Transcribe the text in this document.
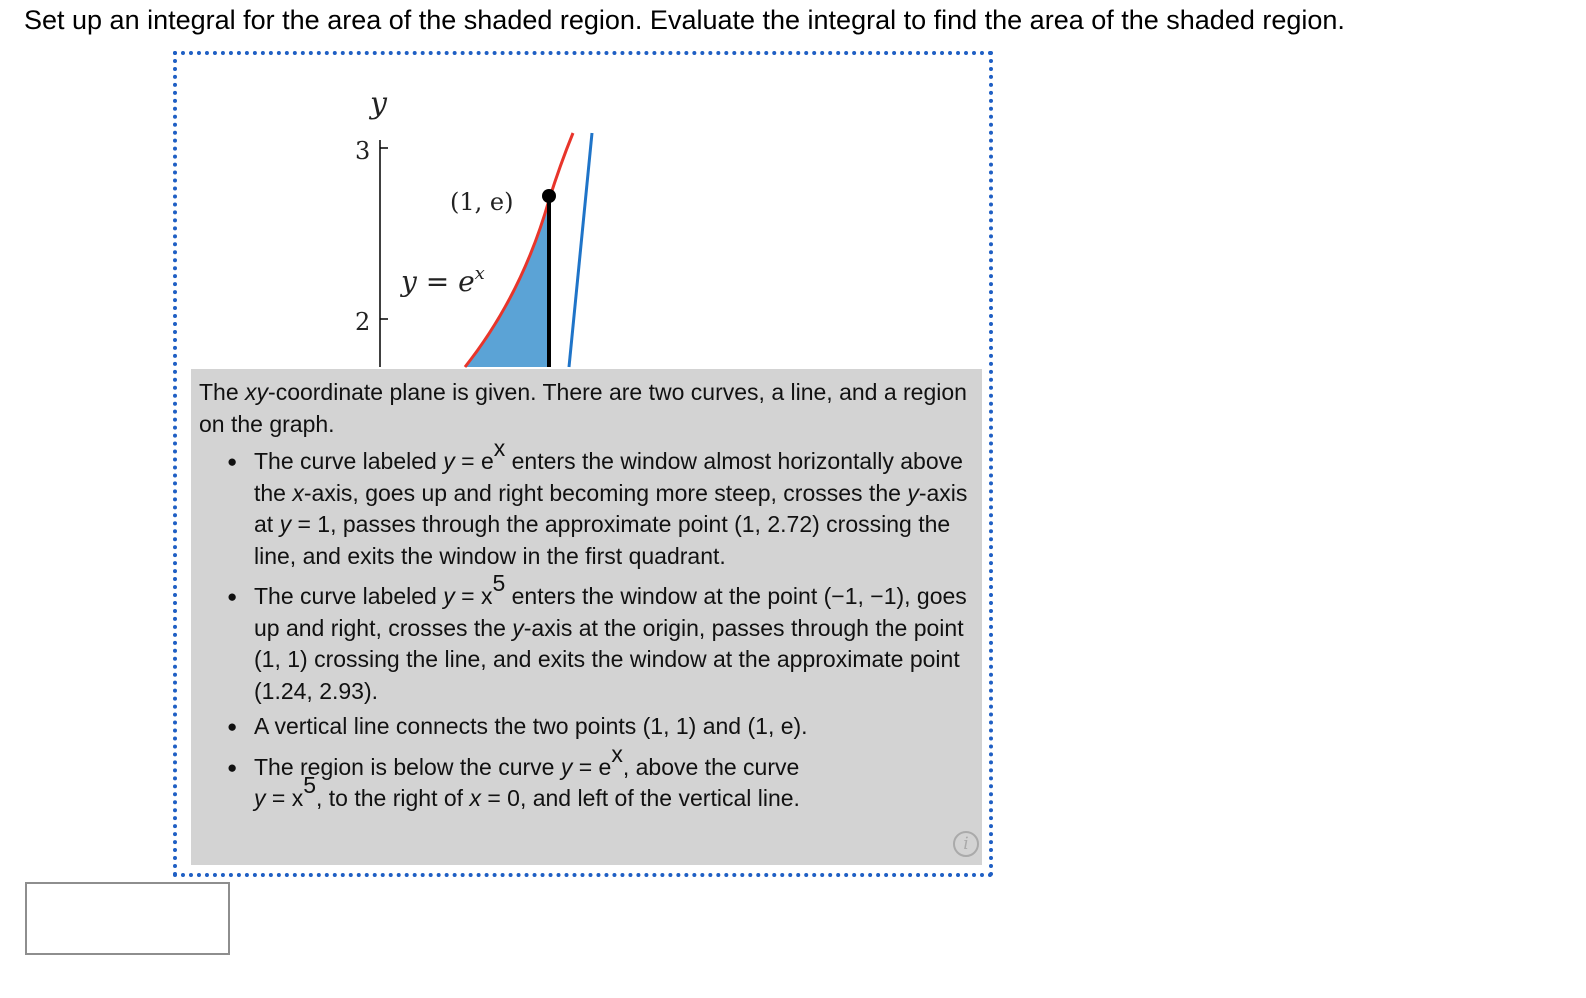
Set up an integral for the area of the shaded region. Evaluate the integral to find the area of the shaded region.
y
3
2
(1, e)
$y = e^x$

The xy-coordinate plane is given. There are two curves, a line, and a region on the graph.

● The curve labeled $y = e^x$ enters the window almost horizontally above the x-axis, goes up and right becoming more steep, crosses the y-axis at y = 1, passes through the approximate point (1, 2.72) crossing the line, and exits the window in the first quadrant.
● The curve labeled $y = x^5$ enters the window at the point (−1, −1), goes up and right, crosses the y-axis at the origin, passes through the point (1, 1) crossing the line, and exits the window at the approximate point (1.24, 2.93).
● A vertical line connects the two points (1, 1) and (1, e).
● The region is below the curve $y = e^x$, above the curve
$y = x^5$, to the right of x = 0, and left of the vertical line.
i
